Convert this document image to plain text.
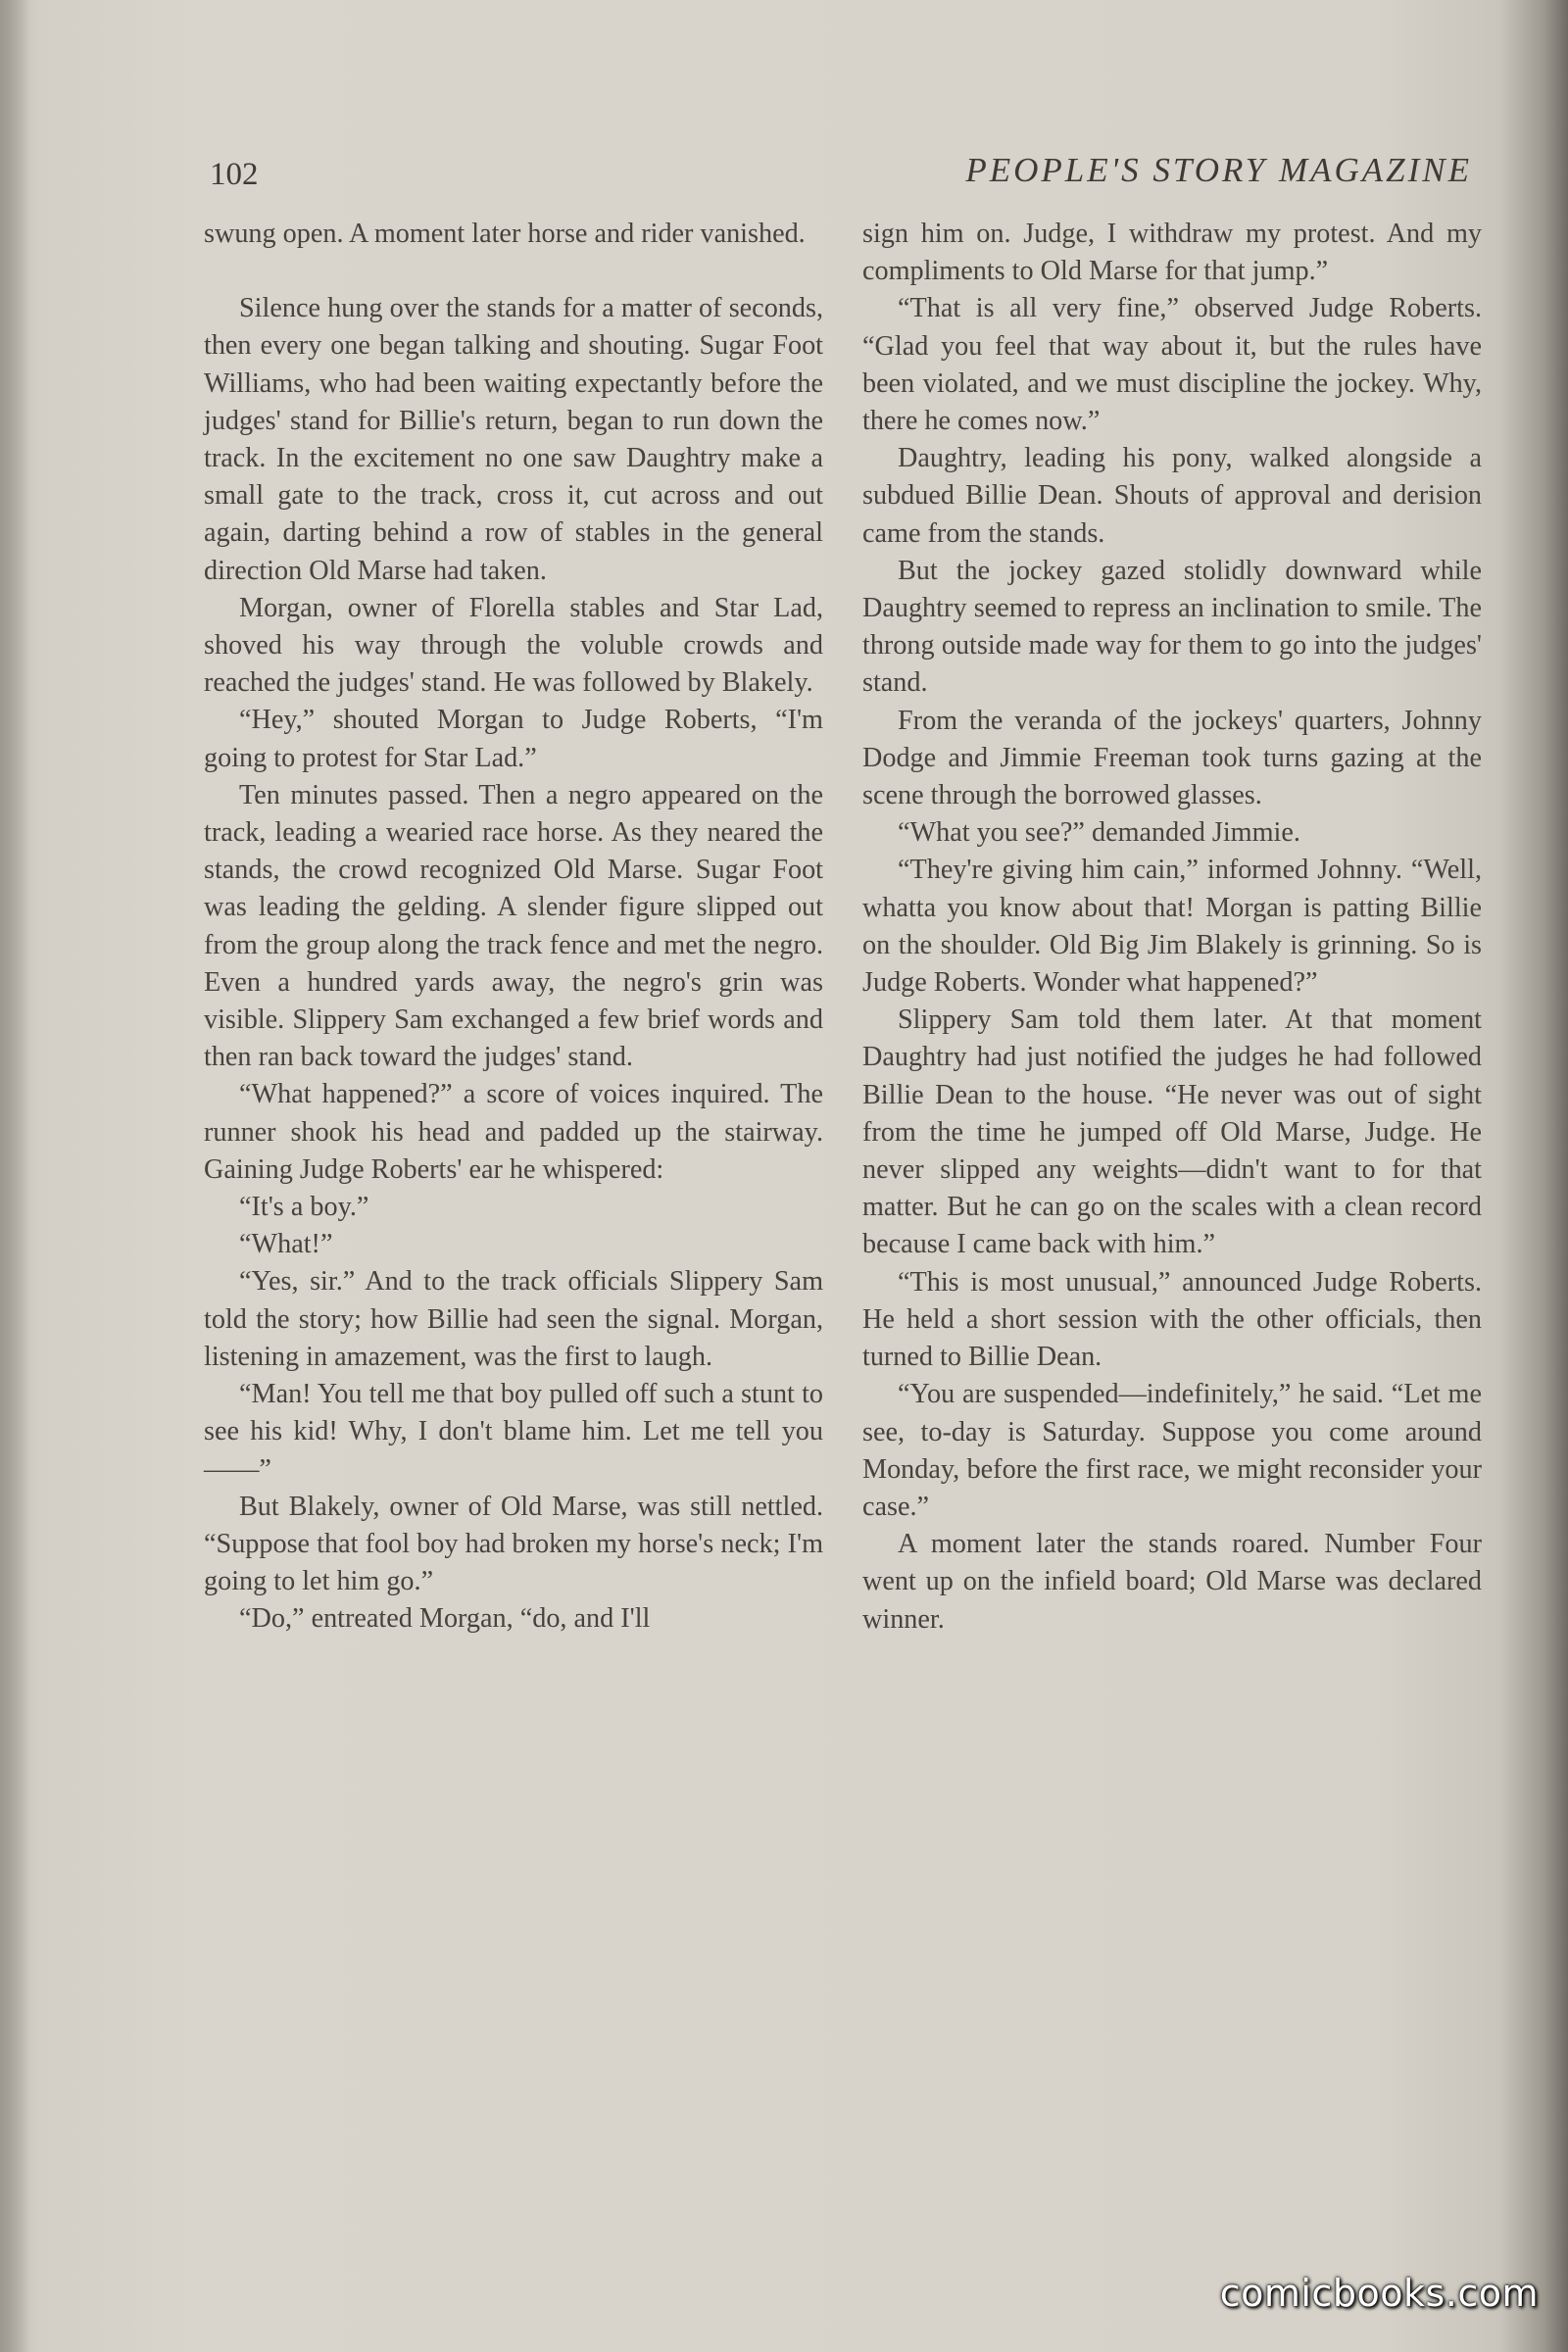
102	PEOPLE'S STORY MAGAZINE

swung open. A moment later horse and rider vanished.

Silence hung over the stands for a matter of seconds, then every one began talking and shouting. Sugar Foot Williams, who had been waiting expectantly before the judges' stand for Billie's return, began to run down the track. In the excitement no one saw Daughtry make a small gate to the track, cross it, cut across and out again, darting behind a row of stables in the general direction Old Marse had taken.

Morgan, owner of Florella stables and Star Lad, shoved his way through the voluble crowds and reached the judges' stand. He was followed by Blakely.

“Hey,” shouted Morgan to Judge Roberts, “I'm going to protest for Star Lad.”

Ten minutes passed. Then a negro appeared on the track, leading a wearied race horse. As they neared the stands, the crowd recognized Old Marse. Sugar Foot was leading the gelding. A slender figure slipped out from the group along the track fence and met the negro. Even a hundred yards away, the negro's grin was visible. Slippery Sam exchanged a few brief words and then ran back toward the judges' stand.

“What happened?” a score of voices inquired. The runner shook his head and padded up the stairway. Gaining Judge Roberts' ear he whispered:

“It's a boy.”

“What!”

“Yes, sir.” And to the track officials Slippery Sam told the story; how Billie had seen the signal. Morgan, listening in amazement, was the first to laugh.

“Man! You tell me that boy pulled off such a stunt to see his kid! Why, I don't blame him. Let me tell you——”

But Blakely, owner of Old Marse, was still nettled. “Suppose that fool boy had broken my horse's neck; I'm going to let him go.”

“Do,” entreated Morgan, “do, and I'll

sign him on. Judge, I withdraw my protest. And my compliments to Old Marse for that jump.”

“That is all very fine,” observed Judge Roberts. “Glad you feel that way about it, but the rules have been violated, and we must discipline the jockey. Why, there he comes now.”

Daughtry, leading his pony, walked alongside a subdued Billie Dean. Shouts of approval and derision came from the stands.

But the jockey gazed stolidly downward while Daughtry seemed to repress an inclination to smile. The throng outside made way for them to go into the judges' stand.

From the veranda of the jockeys' quarters, Johnny Dodge and Jimmie Freeman took turns gazing at the scene through the borrowed glasses.

“What you see?” demanded Jimmie.

“They're giving him cain,” informed Johnny. “Well, whatta you know about that! Morgan is patting Billie on the shoulder. Old Big Jim Blakely is grinning. So is Judge Roberts. Wonder what happened?”

Slippery Sam told them later. At that moment Daughtry had just notified the judges he had followed Billie Dean to the house. “He never was out of sight from the time he jumped off Old Marse, Judge. He never slipped any weights—didn't want to for that matter. But he can go on the scales with a clean record because I came back with him.”

“This is most unusual,” announced Judge Roberts. He held a short session with the other officials, then turned to Billie Dean.

“You are suspended—indefinitely,” he said. “Let me see, to-day is Saturday. Suppose you come around Monday, before the first race, we might reconsider your case.”

A moment later the stands roared. Number Four went up on the infield board; Old Marse was declared winner.

comicbooks.com
